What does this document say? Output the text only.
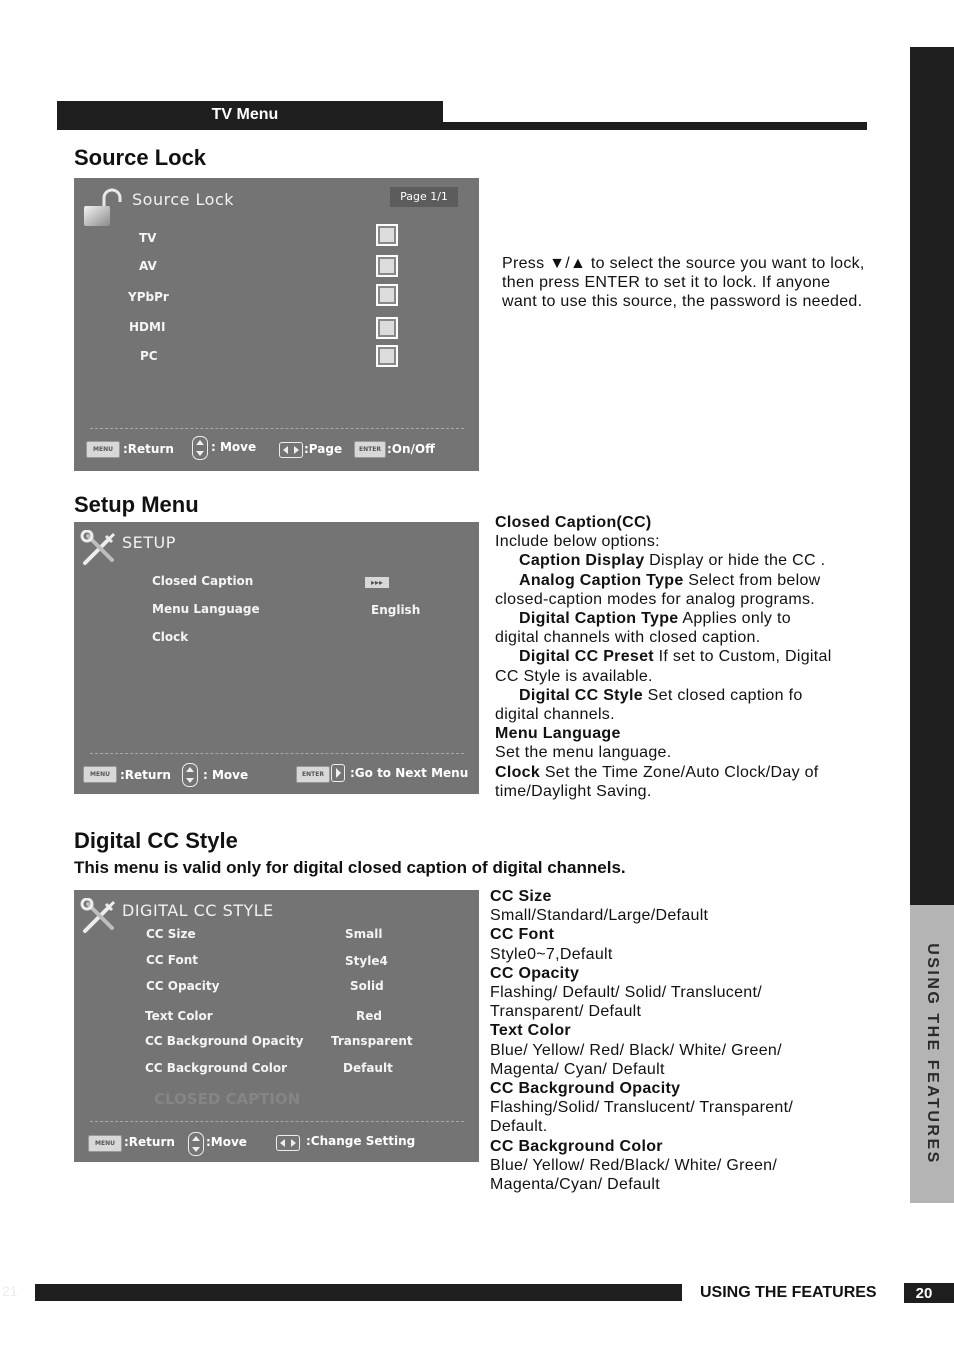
TV Menu
USING THE FEATURES
Source Lock
Source Lock	Page 1/1
TV
AV
YPbPr
HDMI
PC
MENU :Return	: Move	:Page	ENTER :On/Off
Press ▼/▲ to select the source you want to lock, then press ENTER to set it to lock. If anyone want to use this source, the password is needed.
Setup Menu
SETUP
Closed Caption	▸▸▸
Menu Language	English
Clock
MENU :Return	: Move	ENTER	:Go to Next Menu
Closed Caption(CC)
Include below options:
Caption Display Display or hide the CC .
Analog Caption Type Select from below
closed-caption modes for analog programs.
Digital Caption Type Applies only to
digital channels with closed caption.
Digital CC Preset If set to Custom, Digital
CC Style is available.
Digital CC Style Set closed caption fo
digital channels.
Menu Language
Set the menu language.
Clock Set the Time Zone/Auto Clock/Day of
time/Daylight Saving.
Digital CC Style
This menu is valid only for digital closed caption of digital channels.
DIGITAL CC STYLE
CC Size	Small
CC Font	Style4
CC Opacity	Solid
Text Color	Red
CC Background Opacity Transparent
CC Background Color	Default
CLOSED CAPTION
MENU :Return	:Move	:Change Setting
CC Size
Small/Standard/Large/Default
CC Font
Style0~7,Default
CC Opacity
Flashing/ Default/ Solid/ Translucent/
Transparent/ Default
Text Color
Blue/ Yellow/ Red/ Black/ White/ Green/
Magenta/ Cyan/ Default
CC Background Opacity
Flashing/Solid/ Translucent/ Transparent/
Default.
CC Background Color
Blue/ Yellow/ Red/Black/ White/ Green/
Magenta/Cyan/ Default
21	USING THE FEATURES	20
